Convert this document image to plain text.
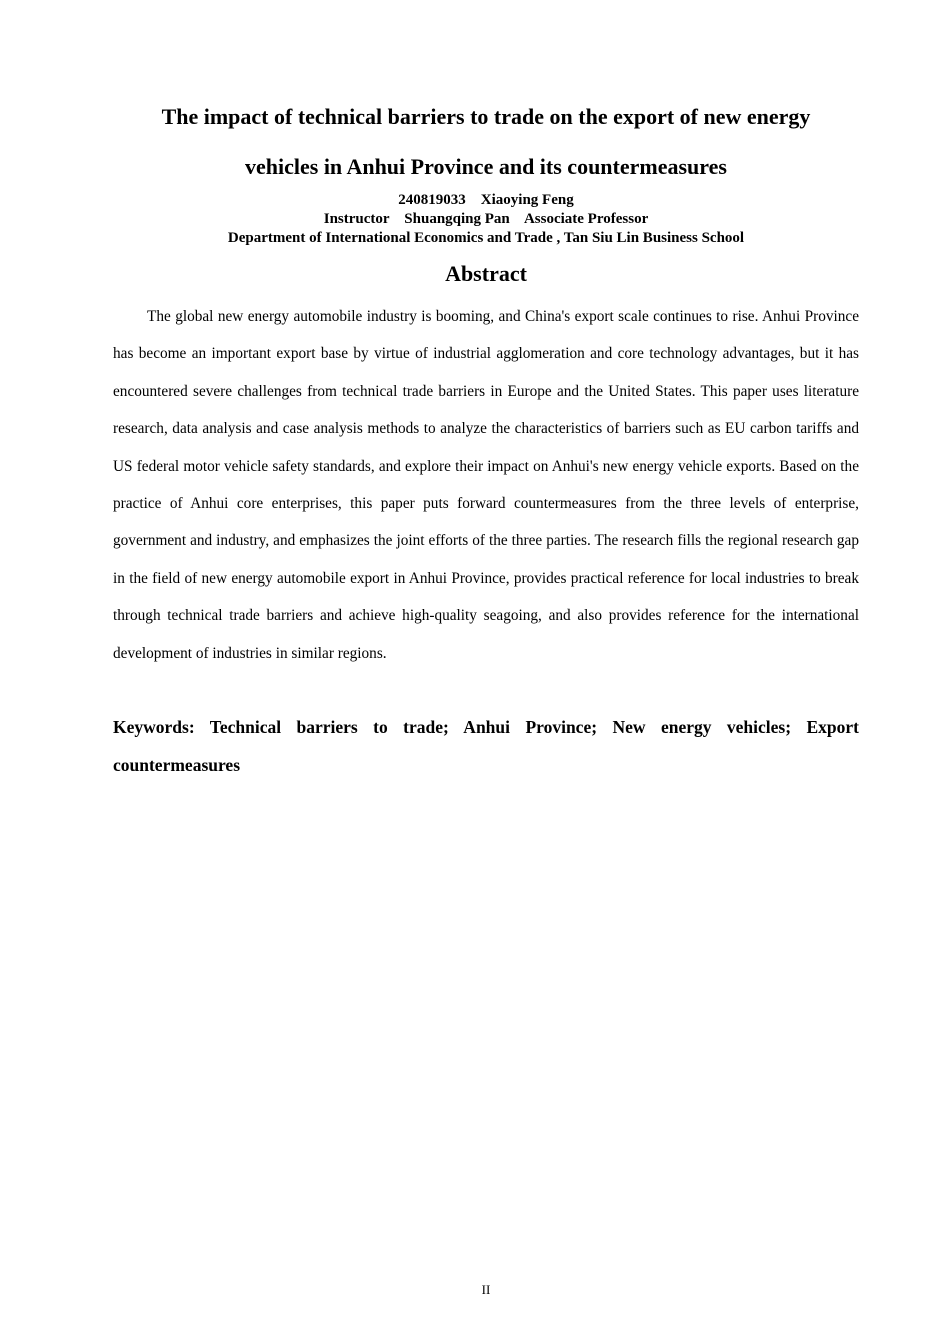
The impact of technical barriers to trade on the export of new energy
vehicles in Anhui Province and its countermeasures

240819033    Xiaoying Feng

Instructor    Shuangqing Pan    Associate Professor

Department of International Economics and Trade , Tan Siu Lin Business School

Abstract

The global new energy automobile industry is booming, and China's export scale continues to rise. Anhui Province has become an important export base by virtue of industrial agglomeration and core technology advantages, but it has encountered severe challenges from technical trade barriers in Europe and the United States. This paper uses literature research, data analysis and case analysis methods to analyze the characteristics of barriers such as EU carbon tariffs and US federal motor vehicle safety standards, and explore their impact on Anhui's new energy vehicle exports. Based on the practice of Anhui core enterprises, this paper puts forward countermeasures from the three levels of enterprise, government and industry, and emphasizes the joint efforts of the three parties. The research fills the regional research gap in the field of new energy automobile export in Anhui Province, provides practical reference for local industries to break through technical trade barriers and achieve high-quality seagoing, and also provides reference for the international development of industries in similar regions.

Keywords: Technical barriers to trade; Anhui Province; New energy vehicles; Export countermeasures

II
